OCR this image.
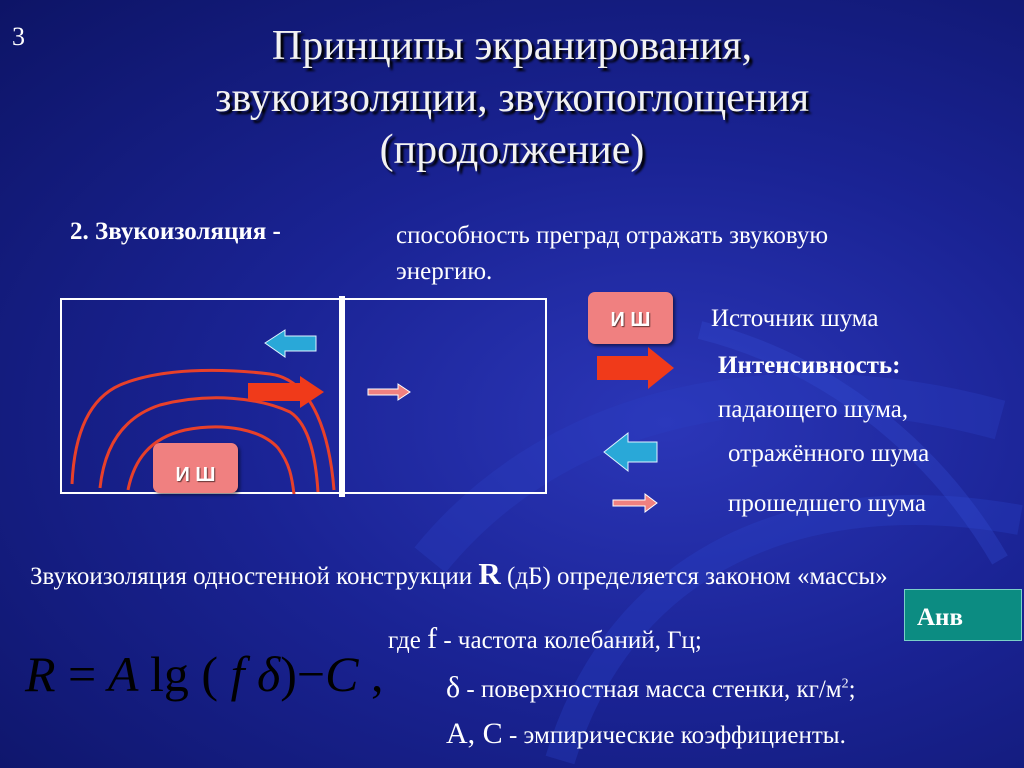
3	Принципы экранирования,
звукоизоляции, звукопоглощения
(продолжение)
2. Звукоизоляция -	способность преград отражать звуковую энергию.
И Ш
И Ш	Источник шума
Интенсивность:
падающего шума,
отражённого шума
прошедшего шума
Звукоизоляция одностенной конструкции R (дБ) определяется законом «массы»
Анв
R = A lg ( f δ)−C ,
где f - частота колебаний, Гц;
δ - поверхностная масса стенки, $кг/м^2$;
A, C - эмпирические коэффициенты.
